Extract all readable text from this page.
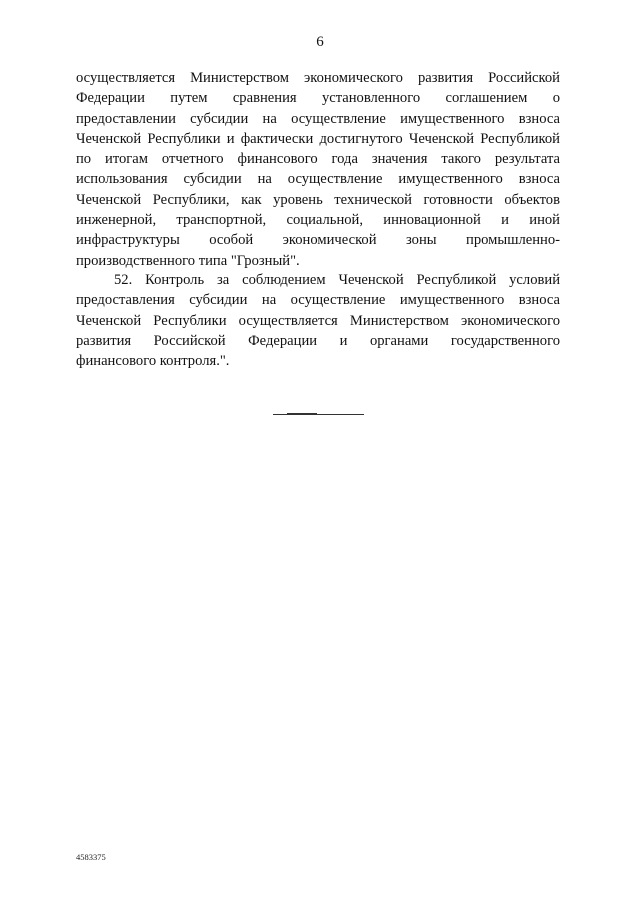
6
осуществляется Министерством экономического развития Российской
Федерации путем сравнения установленного соглашением о
предоставлении субсидии на осуществление имущественного взноса
Чеченской Республики и фактически достигнутого Чеченской Республикой
по итогам отчетного финансового года значения такого результата
использования субсидии на осуществление имущественного взноса
Чеченской Республики, как уровень технической готовности объектов
инженерной, транспортной, социальной, инновационной и иной
инфраструктуры особой экономической зоны промышленно-
производственного типа "Грозный".
52. Контроль за соблюдением Чеченской Республикой условий
предоставления субсидии на осуществление имущественного взноса
Чеченской Республики осуществляется Министерством экономического
развития Российской Федерации и органами государственного
финансового контроля.".
4583375
